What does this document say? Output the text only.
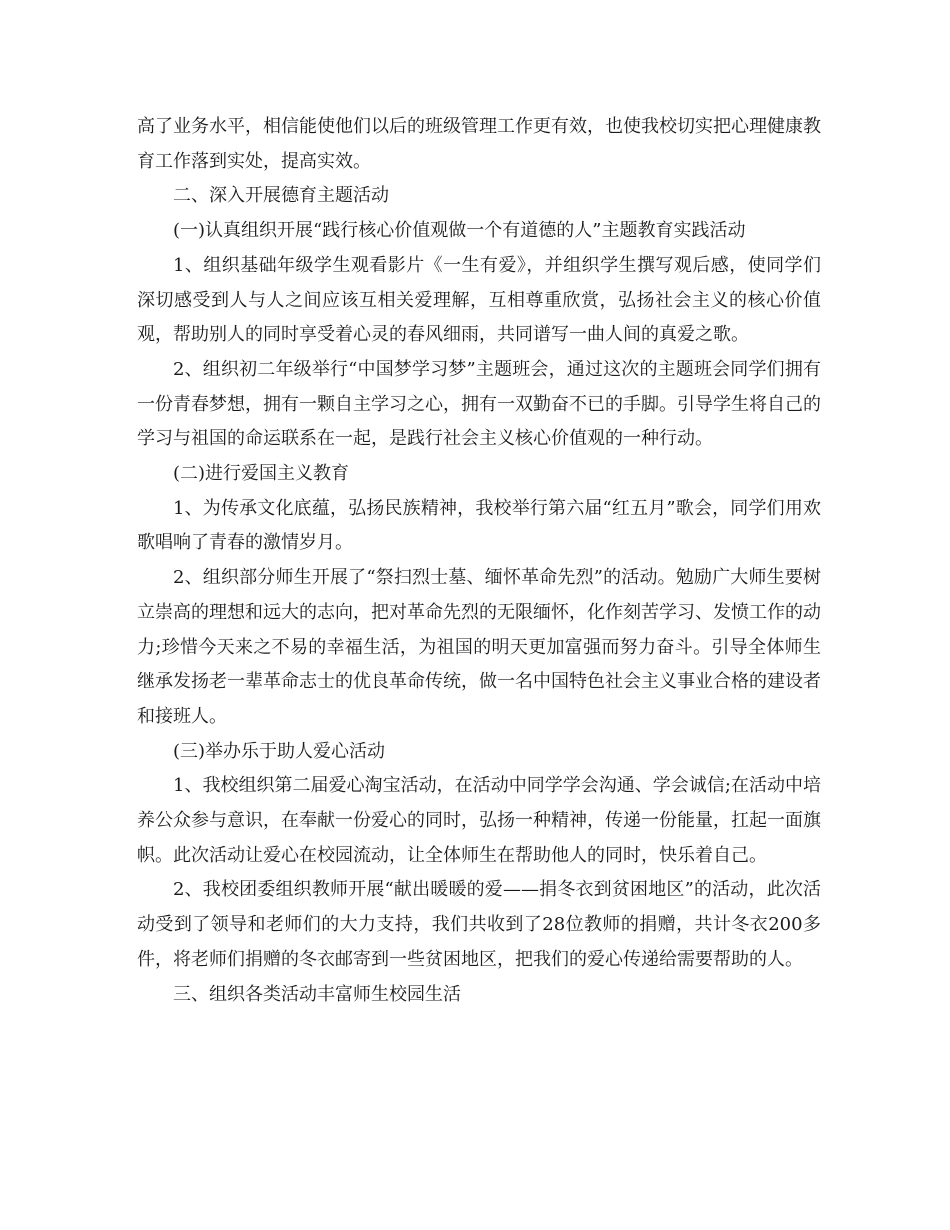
高了业务水平，相信能使他们以后的班级管理工作更有效，也使我校切实把心理健康教育工作落到实处，提高实效。

二、深入开展德育主题活动

(一)认真组织开展“践行核心价值观做一个有道德的人”主题教育实践活动

1、组织基础年级学生观看影片《一生有爱》，并组织学生撰写观后感，使同学们深切感受到人与人之间应该互相关爱理解，互相尊重欣赏，弘扬社会主义的核心价值观，帮助别人的同时享受着心灵的春风细雨，共同谱写一曲人间的真爱之歌。

2、组织初二年级举行“中国梦学习梦”主题班会，通过这次的主题班会同学们拥有一份青春梦想，拥有一颗自主学习之心，拥有一双勤奋不已的手脚。引导学生将自己的学习与祖国的命运联系在一起，是践行社会主义核心价值观的一种行动。

(二)进行爱国主义教育

1、为传承文化底蕴，弘扬民族精神，我校举行第六届“红五月”歌会，同学们用欢歌唱响了青春的激情岁月。

2、组织部分师生开展了“祭扫烈士墓、缅怀革命先烈”的活动。勉励广大师生要树立崇高的理想和远大的志向，把对革命先烈的无限缅怀，化作刻苦学习、发愤工作的动力;珍惜今天来之不易的幸福生活，为祖国的明天更加富强而努力奋斗。引导全体师生继承发扬老一辈革命志士的优良革命传统，做一名中国特色社会主义事业合格的建设者和接班人。

(三)举办乐于助人爱心活动

1、我校组织第二届爱心淘宝活动，在活动中同学学会沟通、学会诚信;在活动中培养公众参与意识，在奉献一份爱心的同时，弘扬一种精神，传递一份能量，扛起一面旗帜。此次活动让爱心在校园流动，让全体师生在帮助他人的同时，快乐着自己。

2、我校团委组织教师开展“献出暖暖的爱——捐冬衣到贫困地区”的活动，此次活动受到了领导和老师们的大力支持，我们共收到了28位教师的捐赠，共计冬衣200多件，将老师们捐赠的冬衣邮寄到一些贫困地区，把我们的爱心传递给需要帮助的人。

三、组织各类活动丰富师生校园生活
